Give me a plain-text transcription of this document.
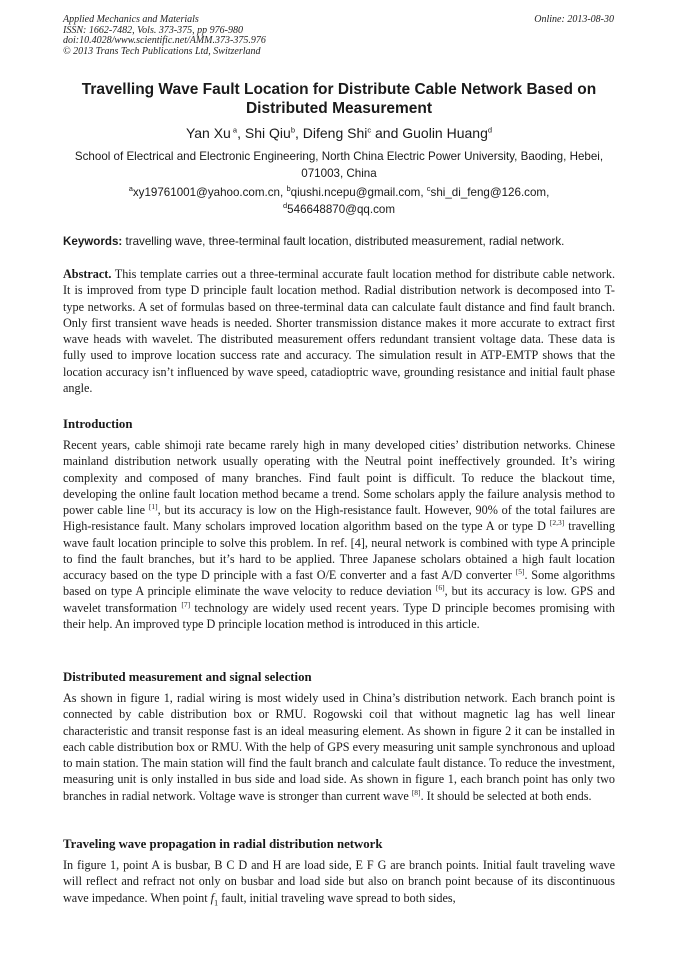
Applied Mechanics and Materials
ISSN: 1662-7482, Vols. 373-375, pp 976-980
doi:10.4028/www.scientific.net/AMM.373-375.976
© 2013 Trans Tech Publications Ltd, Switzerland
Online: 2013-08-30
Travelling Wave Fault Location for Distribute Cable Network Based on Distributed Measurement
Yan Xu $^a$, Shi Qiu$^b$, Difeng Shi$^c$ and Guolin Huang$^d$
School of Electrical and Electronic Engineering, North China Electric Power University, Baoding, Hebei, 071003, China
$^a$xy19761001@yahoo.com.cn, $^b$qiushi.ncepu@gmail.com, $^c$shi_di_feng@126.com,
$^d$546648870@qq.com
Keywords: travelling wave, three-terminal fault location, distributed measurement, radial network.
Abstract. This template carries out a three-terminal accurate fault location method for distribute cable network. It is improved from type D principle fault location method. Radial distribution network is decomposed into T-type networks. A set of formulas based on three-terminal data can calculate fault distance and find fault branch. Only first transient wave heads is needed. Shorter transmission distance makes it more accurate to extract first wave heads with wavelet. The distributed measurement offers redundant transient voltage data. These data is fully used to improve location success rate and accuracy. The simulation result in ATP-EMTP shows that the location accuracy isn’t influenced by wave speed, catadioptric wave, grounding resistance and initial fault phase angle.
Introduction
Recent years, cable shimoji rate became rarely high in many developed cities’ distribution networks. Chinese mainland distribution network usually operating with the Neutral point ineffectively grounded. It’s wiring complexity and composed of many branches. Find fault point is difficult. To reduce the blackout time, developing the online fault location method became a trend. Some scholars apply the failure analysis method to power cable line [1], but its accuracy is low on the High-resistance fault. However, 90% of the total failures are High-resistance fault. Many scholars improved location algorithm based on the type A or type D [2,3] travelling wave fault location principle to solve this problem. In ref. [4], neural network is combined with type A principle to find the fault branches, but it’s hard to be applied. Three Japanese scholars obtained a high fault location accuracy based on the type D principle with a fast O/E converter and a fast A/D converter [5]. Some algorithms based on type A principle eliminate the wave velocity to reduce deviation [6], but its accuracy is low. GPS and wavelet transformation [7] technology are widely used recent years. Type D principle becomes promising with their help. An improved type D principle location method is introduced in this article.
Distributed measurement and signal selection
As shown in figure 1, radial wiring is most widely used in China’s distribution network. Each branch point is connected by cable distribution box or RMU. Rogowski coil that without magnetic lag has well linear characteristic and transit response fast is an ideal measuring element. As shown in figure 2 it can be installed in each cable distribution box or RMU. With the help of GPS every measuring unit sample synchronous and upload to main station. The main station will find the fault branch and calculate fault distance. To reduce the investment, measuring unit is only installed in bus side and load side. As shown in figure 1, each branch point has only two branches in radial network. Voltage wave is stronger than current wave [8]. It should be selected at both ends.
Traveling wave propagation in radial distribution network
In figure 1, point A is busbar, B C D and H are load side, E F G are branch points. Initial fault traveling wave will reflect and refract not only on busbar and load side but also on branch point because of its discontinuous wave impedance. When point $f_1$ fault, initial traveling wave spread to both sides,
